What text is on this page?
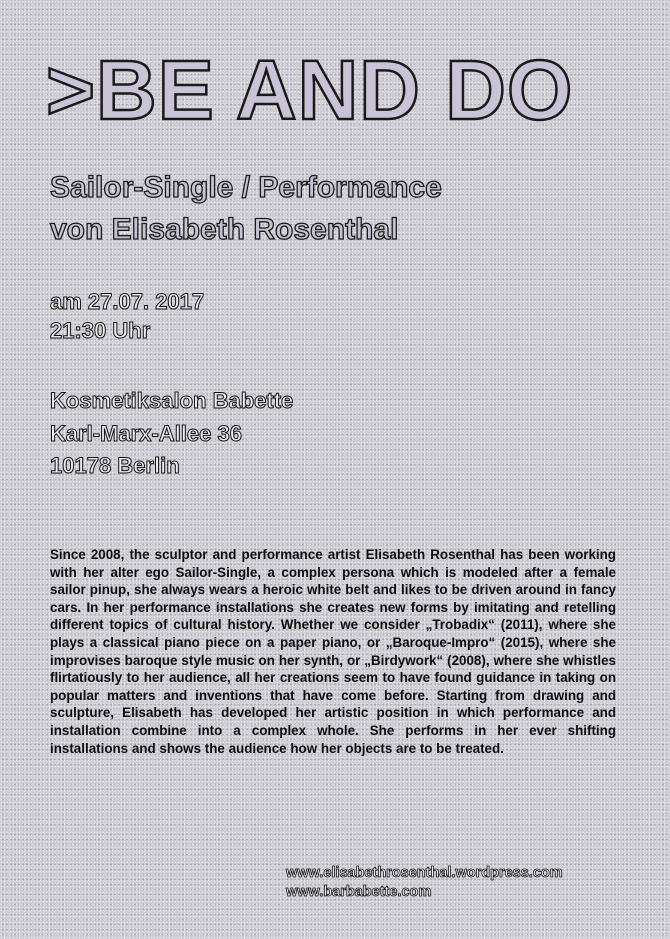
>BE AND DO
Sailor-Single / Performance
von Elisabeth Rosenthal
am 27.07. 2017
21:30 Uhr
Kosmetiksalon Babette
Karl-Marx-Allee 36
10178 Berlin

Since 2008, the sculptor and performance artist Elisabeth Rosenthal has been working with her alter ego Sailor-Single, a complex persona which is modeled after a female sailor pinup, she always wears a heroic white belt and likes to be driven around in fancy cars. In her performance installations she creates new forms by imitating and retelling different topics of cultural history. Whether we consider „Trobadix“ (2011), where she plays a classical piano piece on a paper piano, or „Baroque-Impro“ (2015), where she improvises baroque style music on her synth, or „Birdywork“ (2008), where she whistles flirtatiously to her audience, all her creations seem to have found guidance in taking on popular matters and inventions that have come before. Starting from drawing and sculpture, Elisabeth has developed her artistic position in which performance and installation combine into a complex whole. She performs in her ever shifting installations and shows the audience how her objects are to be treated.

www.elisabethrosenthal.wordpress.com
www.barbabette.com
